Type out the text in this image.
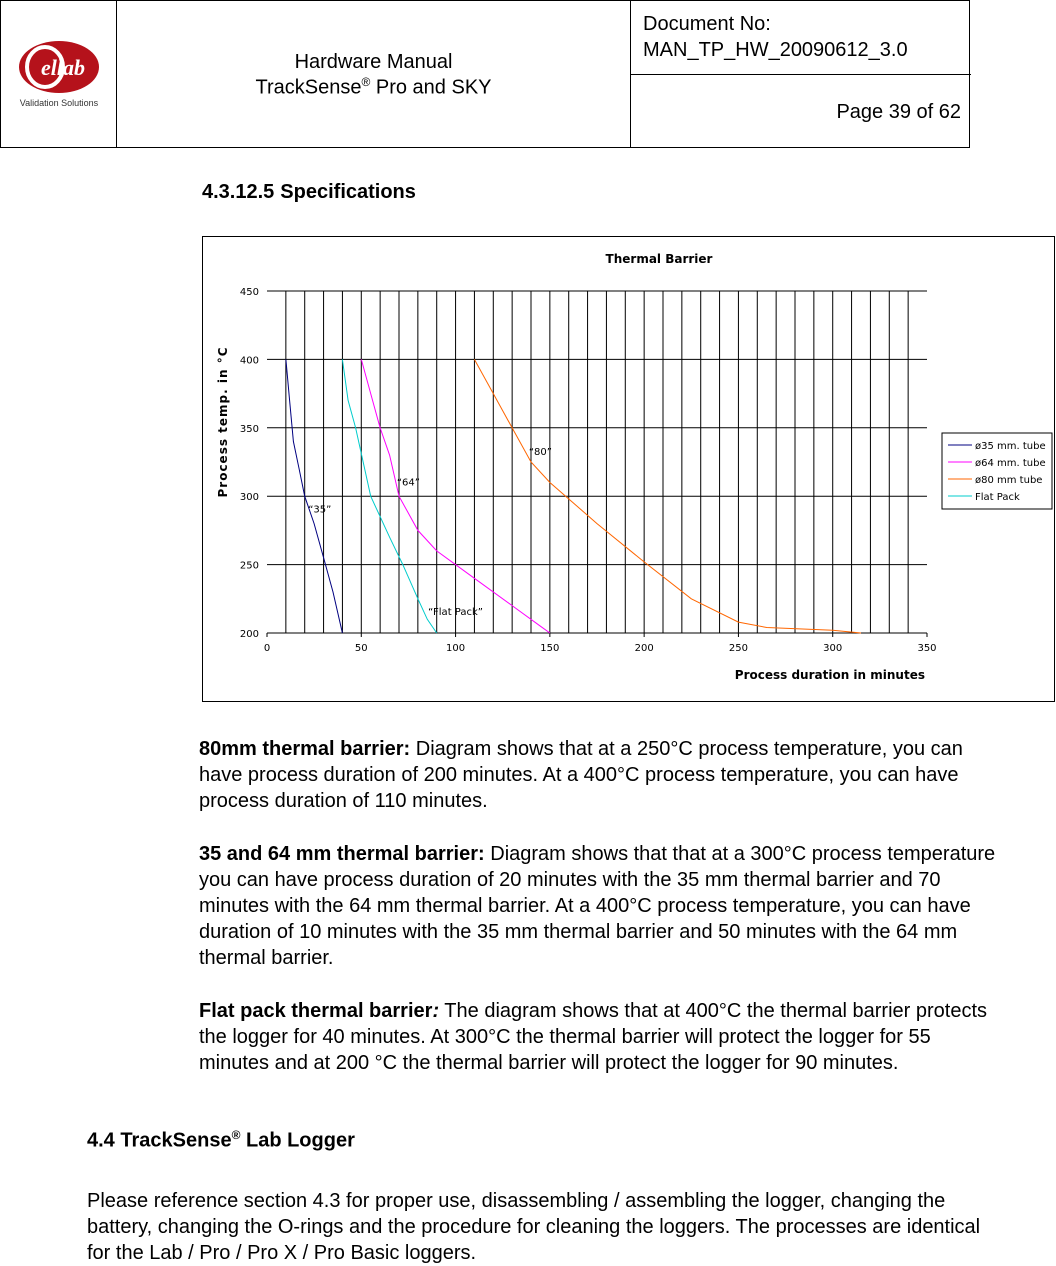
ellab
Validation Solutions
Hardware Manual
TrackSense® Pro and SKY
Document No:
MAN_TP_HW_20090612_3.0
Page 39 of 62
4.3.12.5 Specifications
Thermal Barrier
0	50	100	150	200	250	300	350
200
250
300
350
400
450
Process duration in minutes
Process temp. in °C
“35”
“64”
“80”
“Flat Pack”
ø35 mm. tube
ø64 mm. tube
ø80 mm tube
Flat Pack
80mm thermal barrier: Diagram shows that at a 250°C process temperature, you can have process duration of 200 minutes. At a 400°C process temperature, you can have process duration of 110 minutes.
35 and 64 mm thermal barrier: Diagram shows that that at a 300°C process temperature you can have process duration of 20 minutes with the 35 mm thermal barrier and 70 minutes with the 64 mm thermal barrier. At a 400°C process temperature, you can have duration of 10 minutes with the 35 mm thermal barrier and 50 minutes with the 64 mm thermal barrier.
Flat pack thermal barrier: The diagram shows that at 400°C the thermal barrier protects the logger for 40 minutes. At 300°C the thermal barrier will protect the logger for 55 minutes and at 200 °C the thermal barrier will protect the logger for 90 minutes.
4.4 TrackSense® Lab Logger
Please reference section 4.3 for proper use, disassembling / assembling the logger, changing the battery, changing the O-rings and the procedure for cleaning the loggers. The processes are identical for the Lab / Pro / Pro X / Pro Basic loggers.
